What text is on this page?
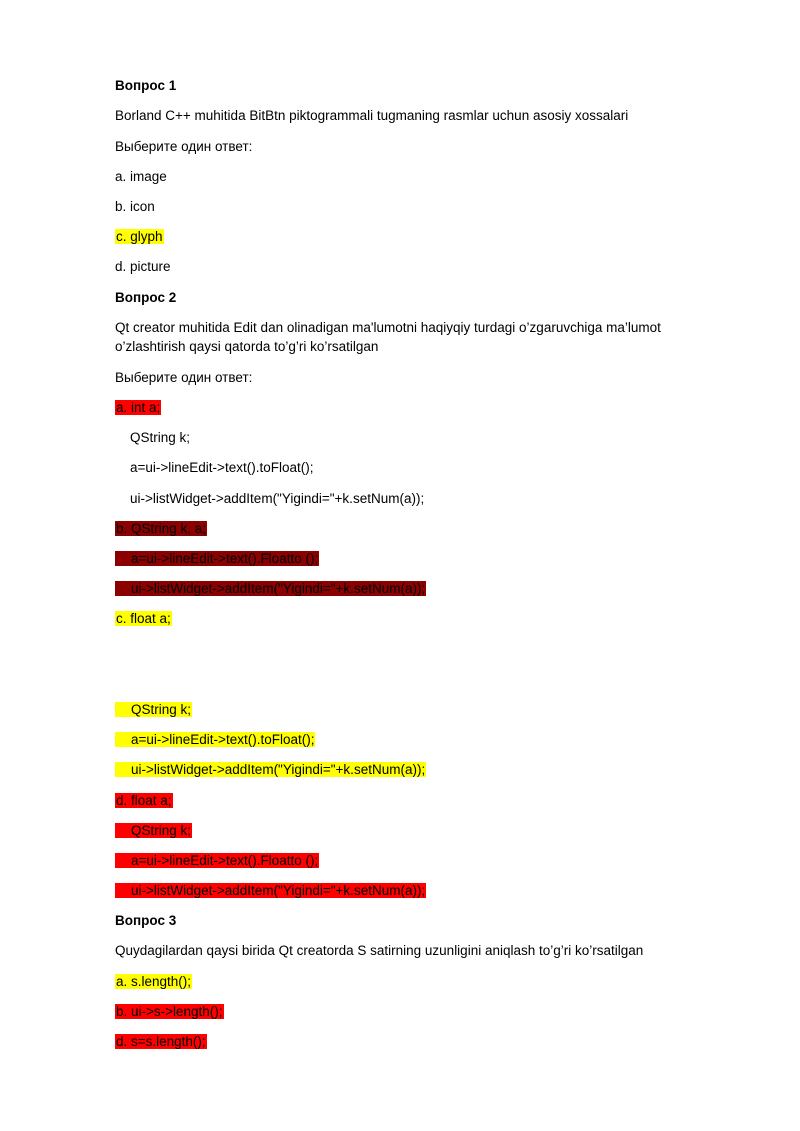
Вопрос 1
Borland C++ muhitida BitBtn piktogrammali tugmaning rasmlar uchun asosiy xossalari
Выберите один ответ:
a. image
b. icon
c. glyph
d. picture
Вопрос 2
Qt creator muhitida Edit dan olinadigan ma'lumotni haqiyqiy turdagi o’zgaruvchiga ma’lumot o’zlashtirish qaysi qatorda to’g’ri ko’rsatilgan
Выберите один ответ:
a. int a;
QString k;
a=ui->lineEdit->text().toFloat();
ui->listWidget->addItem("Yigindi="+k.setNum(a));
b. QString k, a;
a=ui->lineEdit->text().Floatto ();
ui->listWidget->addItem("Yigindi="+k.setNum(a));
c. float a;
QString k;
a=ui->lineEdit->text().toFloat();
ui->listWidget->addItem("Yigindi="+k.setNum(a));
d. float a;
QString k;
a=ui->lineEdit->text().Floatto ();
ui->listWidget->addItem("Yigindi="+k.setNum(a));
Вопрос 3
Quydagilardan qaysi birida Qt creatorda S satirning uzunligini aniqlash to’g’ri ko’rsatilgan
a. s.length();
b. ui->s->length();
d. s=s.length();
